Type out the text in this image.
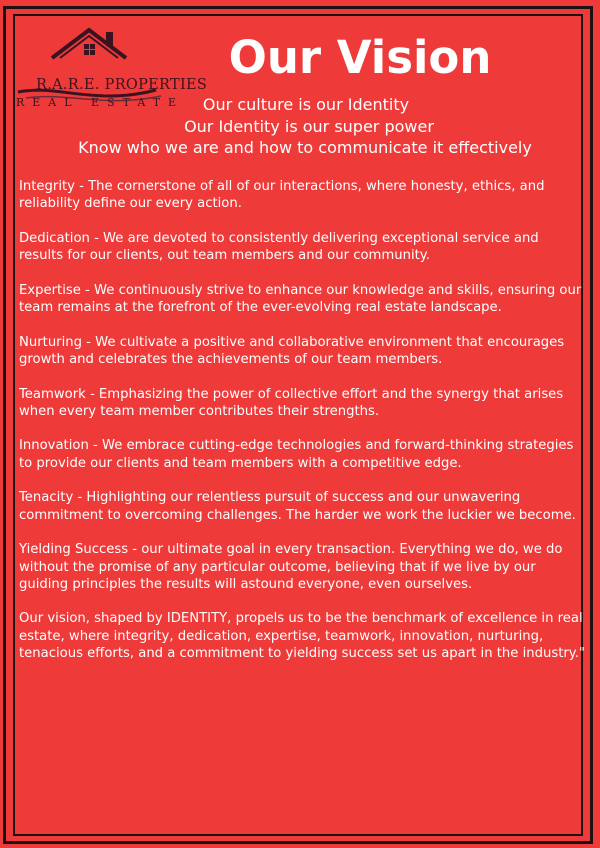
R.A.R.E. PROPERTIES
REAL ESTATE
Our Vision
Our culture is our Identity
Our Identity is our super power
Know who we are and how to communicate it effectively

Integrity - The cornerstone of all of our interactions, where honesty, ethics, and reliability define our every action.

Dedication - We are devoted to consistently delivering exceptional service and results for our clients, out team members and our community.

Expertise - We continuously strive to enhance our knowledge and skills, ensuring our team remains at the forefront of the ever-evolving real estate landscape.

Nurturing - We cultivate a positive and collaborative environment that encourages growth and celebrates the achievements of our team members.

Teamwork - Emphasizing the power of collective effort and the synergy that arises when every team member contributes their strengths.

Innovation - We embrace cutting-edge technologies and forward-thinking strategies to provide our clients and team members with a competitive edge.

Tenacity - Highlighting our relentless pursuit of success and our unwavering commitment to overcoming challenges. The harder we work the luckier we become.

Yielding Success - our ultimate goal in every transaction. Everything we do, we do without the promise of any particular outcome, believing that if we live by our guiding principles the results will astound everyone, even ourselves.

Our vision, shaped by IDENTITY, propels us to be the benchmark of excellence in real estate, where integrity, dedication, expertise, teamwork, innovation, nurturing, tenacious efforts, and a commitment to yielding success set us apart in the industry."
